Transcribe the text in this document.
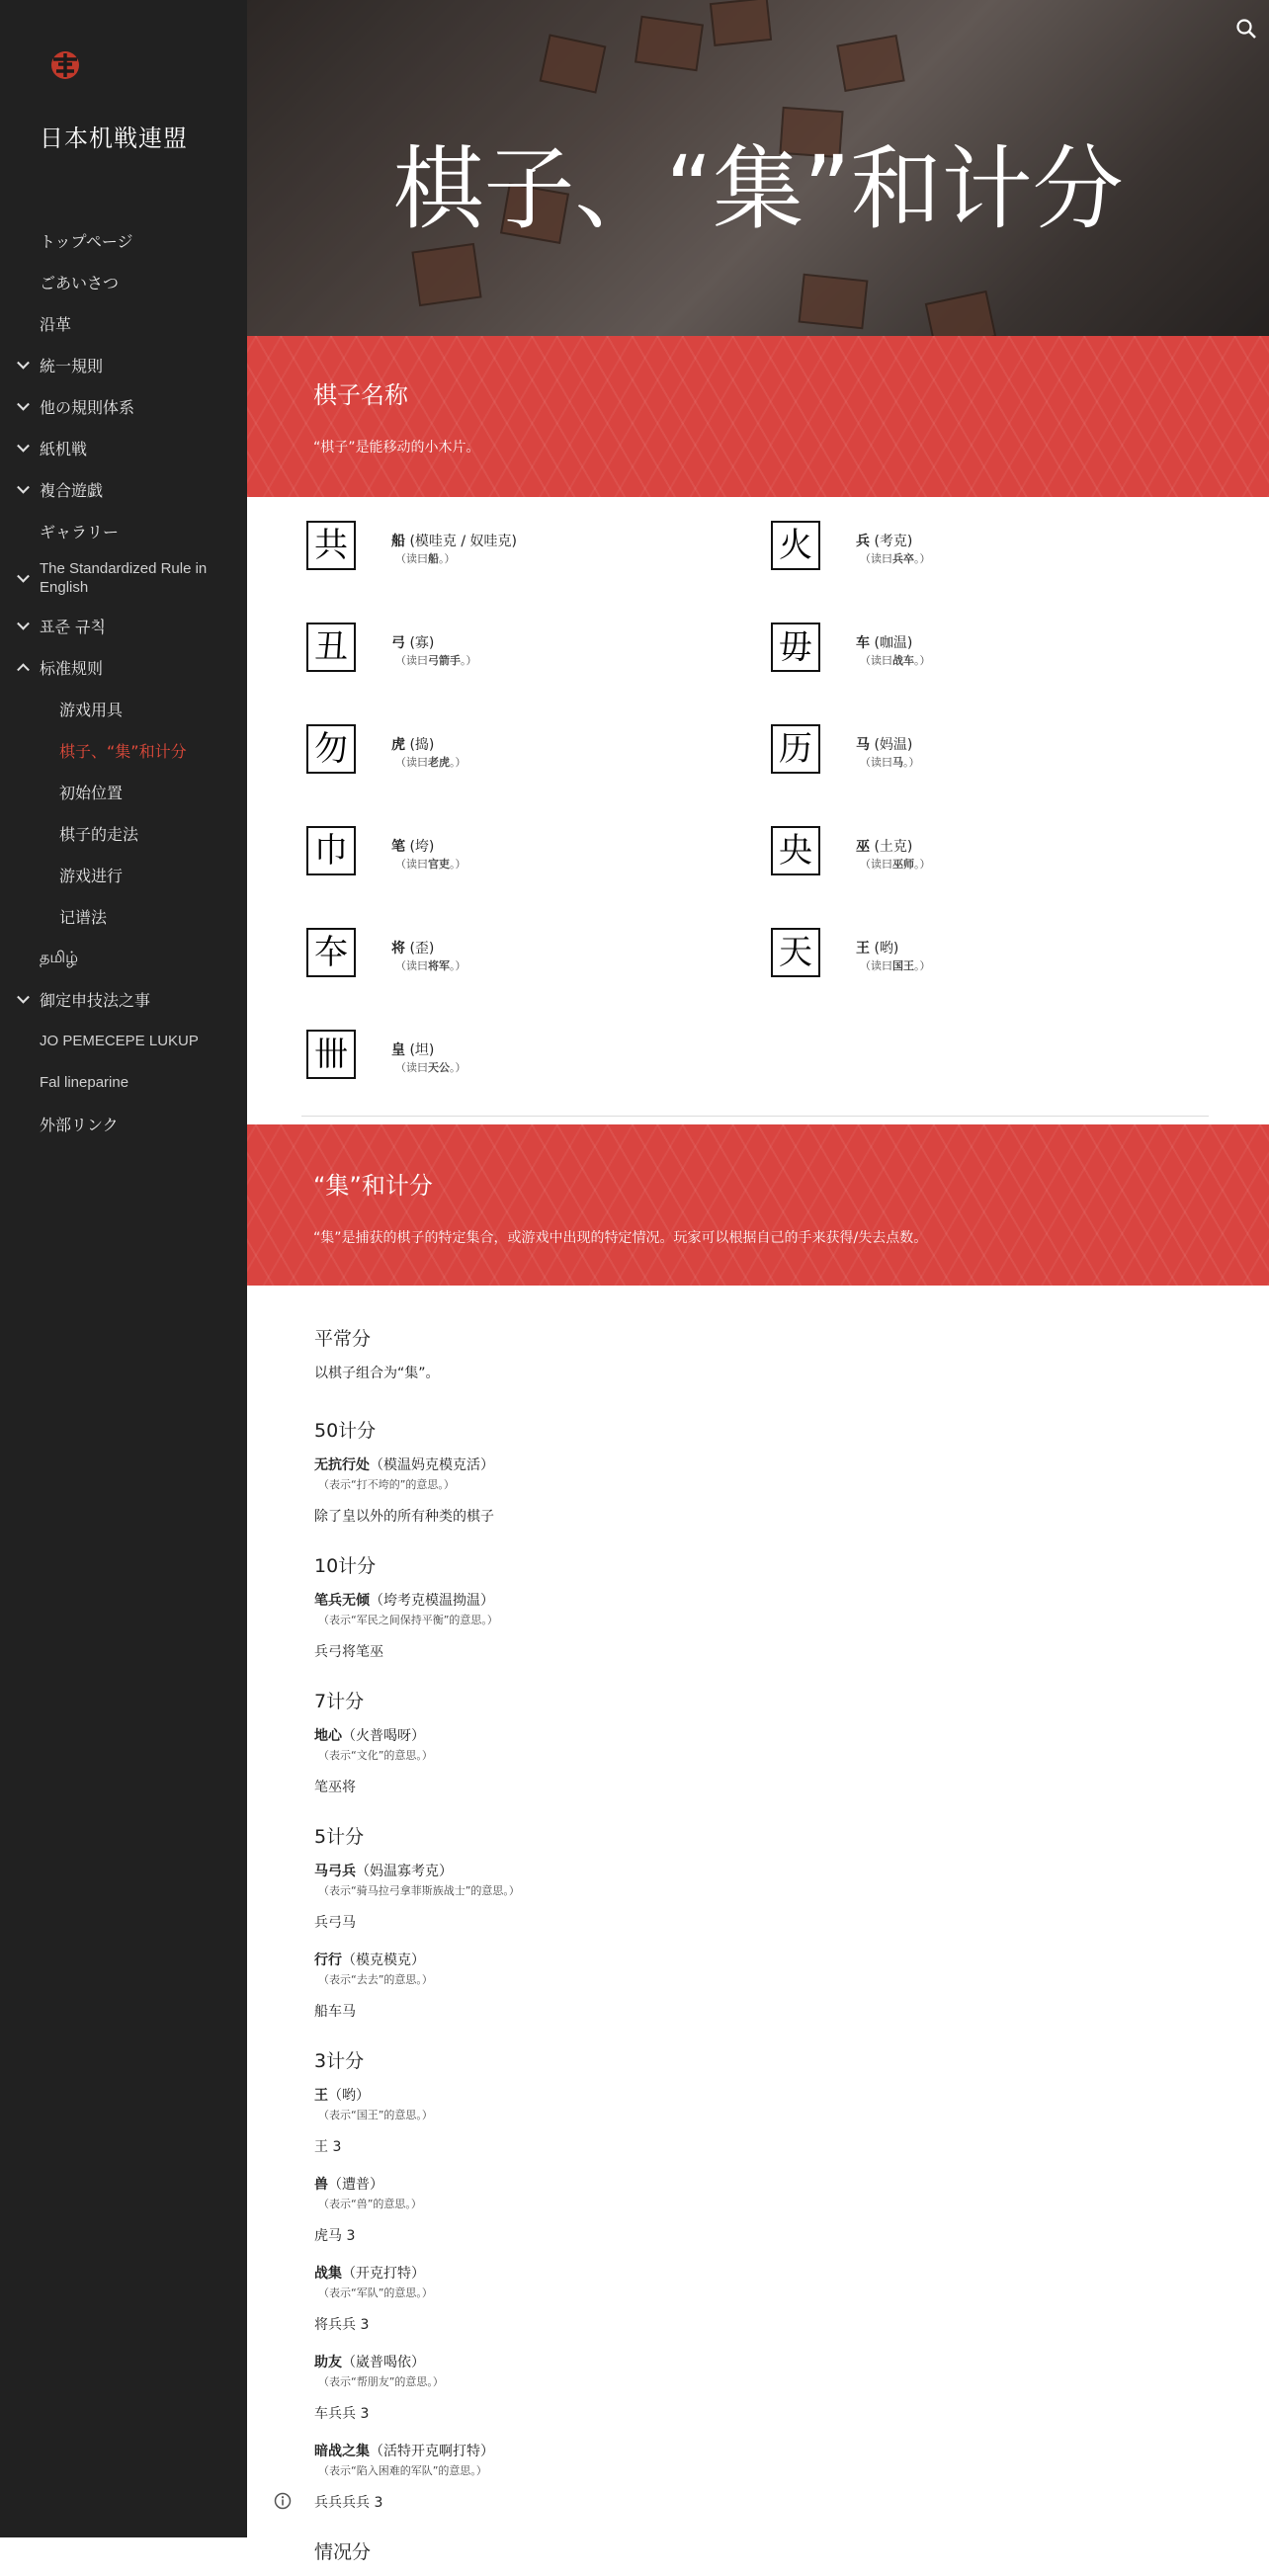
日本机戦連盟
トップページ
ごあいさつ
沿革
統一規則
他の規則体系
紙机戦
複合遊戯
ギャラリー
The Standardized Rule in English
표준 규칙
标准规则
游戏用具
棋子、“集”和计分
初始位置
棋子的走法
游戏进行
记谱法
தமிழ்
御定申技法之事
JO PEMECEPE LUKUP
Fal lineparine
外部リンク
棋子、“集”和计分
棋子名称

“棋子”是能移动的小木片。

共	船 (模哇克 / 奴哇克)
（读曰船。）	火	兵 (考克)
（读曰兵卒。）
丑	弓 (寡)
（读曰弓箭手。）	毋	车 (咖温)
（读曰战车。）
勿	虎 (捣)
（读曰老虎。）	历	马 (妈温)
（读曰马。）
巾	笔 (垮)
（读曰官吏。）	央	巫 (土克)
（读曰巫师。）
夲	将 (歪)
（读曰将军。）	天	王 (哟)
（读曰国王。）
卌	皇 (坦)
（读曰天公。）
“集”和计分

“集”是捕获的棋子的特定集合，或游戏中出现的特定情况。玩家可以根据自己的手来获得/失去点数。

平常分
以棋子组合为“集”。
50计分
无抗行处（模温妈克模克活）
（表示“打不垮的”的意思。）
除了皇以外的所有种类的棋子
10计分
笔兵无倾（垮考克模温拗温）
（表示“军民之间保持平衡”的意思。）
兵弓将笔巫
7计分
地心（火普喝呀）
（表示“文化”的意思。）
笔巫将
5计分
马弓兵（妈温寡考克）
（表示“骑马拉弓拿菲斯族战士”的意思。）
兵弓马
行行（模克模克）
（表示“去去”的意思。）
船车马
3计分
王（哟）
（表示“国王”的意思。）
王 3
兽（遭普）
（表示“兽”的意思。）
虎马 3
战集（开克打特）
（表示“军队”的意思。）
将兵兵 3
助友（崴普喝依）
（表示“帮朋友”的意思。）
车兵兵 3
暗战之集（活特开克啊打特）
（表示“陷入困难的军队”的意思。）
兵兵兵兵 3
情况分
